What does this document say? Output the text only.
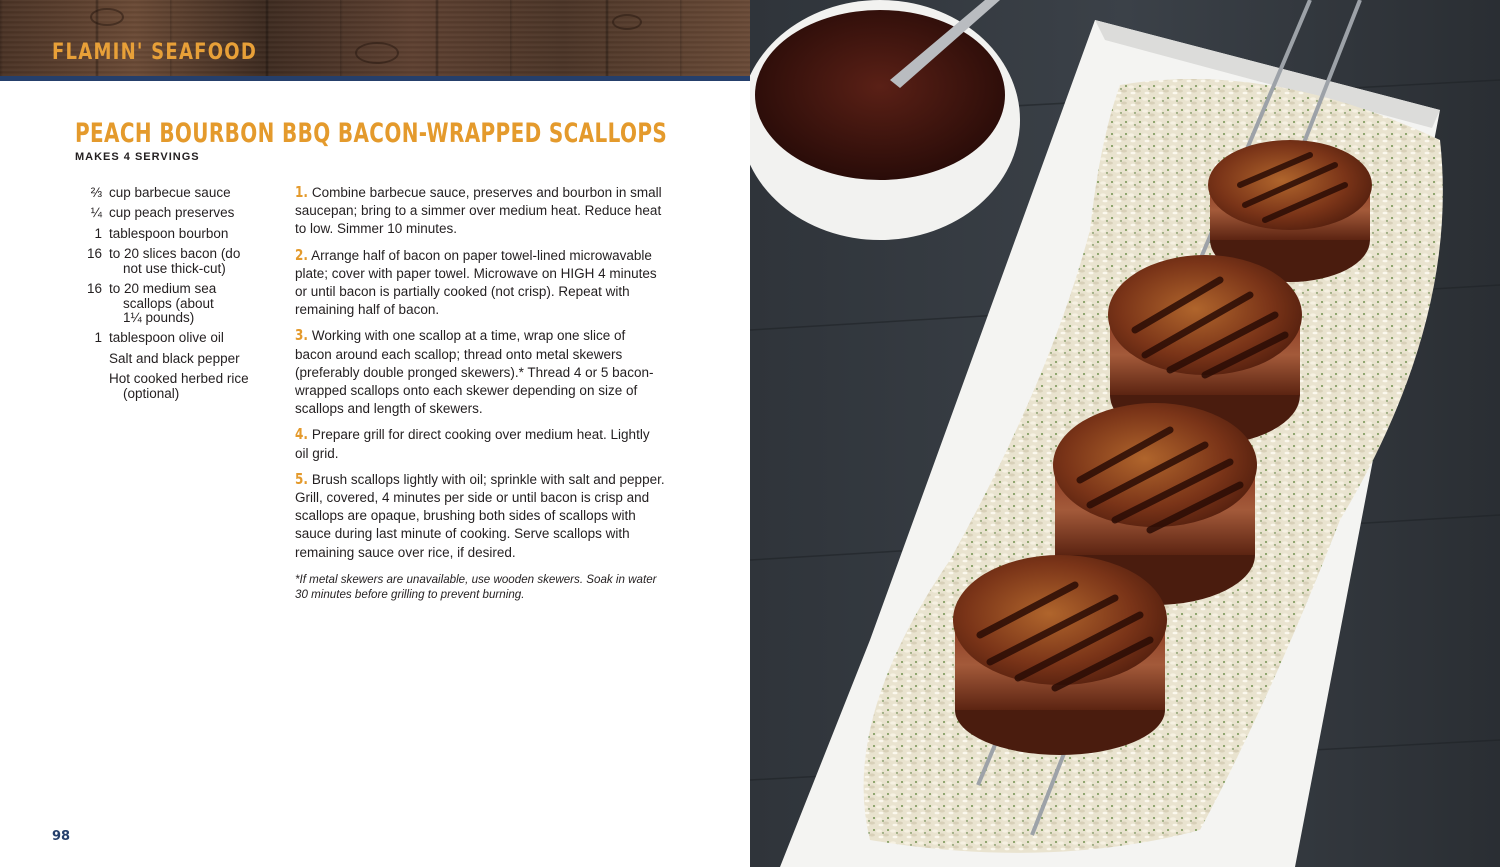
FLAMIN' SEAFOOD
PEACH BOURBON BBQ BACON-WRAPPED SCALLOPS
MAKES 4 SERVINGS
⅔ cup barbecue sauce
¼ cup peach preserves
1 tablespoon bourbon
16 to 20 slices bacon (do
not use thick-cut)
16 to 20 medium sea
scallops (about
1¼ pounds)
1 tablespoon olive oil
Salt and black pepper
Hot cooked herbed rice
(optional)

1. Combine barbecue sauce, preserves and bourbon in small saucepan; bring to a simmer over medium heat. Reduce heat to low. Simmer 10 minutes.

2. Arrange half of bacon on paper towel-lined microwavable plate; cover with paper towel. Microwave on HIGH 4 minutes or until bacon is partially cooked (not crisp). Repeat with remaining half of bacon.

3. Working with one scallop at a time, wrap one slice of bacon around each scallop; thread onto metal skewers (preferably double pronged skewers).* Thread 4 or 5 bacon-wrapped scallops onto each skewer depending on size of scallops and length of skewers.

4. Prepare grill for direct cooking over medium heat. Lightly oil grid.

5. Brush scallops lightly with oil; sprinkle with salt and pepper. Grill, covered, 4 minutes per side or until bacon is crisp and scallops are opaque, brushing both sides of scallops with sauce during last minute of cooking. Serve scallops with remaining sauce over rice, if desired.

*If metal skewers are unavailable, use wooden skewers. Soak in water 30 minutes before grilling to prevent burning.

98
